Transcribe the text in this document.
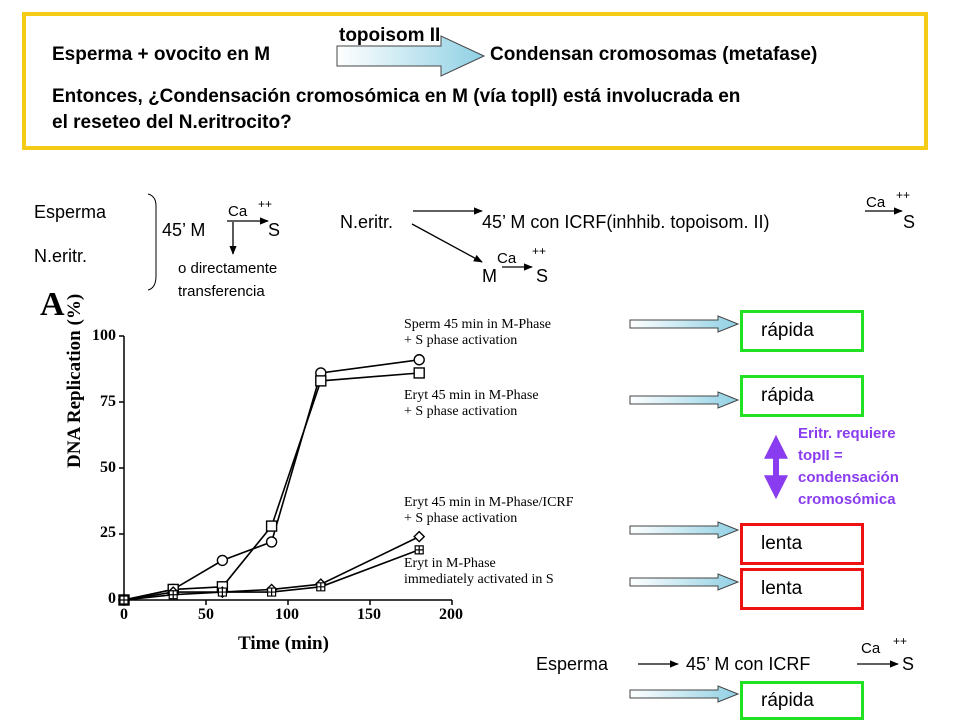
topoisom II
Esperma + ovocito en M	Condensan cromosomas (metafase)
Entonces, ¿Condensación cromosómica en M (vía topII) está involucrada en
el reseteo del N.eritrocito?
Esperma
N.eritr.
45’ M
Ca ++
S
o directamente
transferencia
N.eritr.	45’ M con ICRF(inhhib. topoisom. II)
Ca ++
S
M
Ca ++
S
A DNA Replication (%)
Time (min)
0
25
50
75
100
0	50	100	150	200
Sperm 45 min in M-Phase
+ S phase activation
Eryt 45 min in M-Phase
+ S phase activation
Eryt 45 min in M-Phase/ICRF
+ S phase activation
Eryt in M-Phase
immediately activated in S
rápida
rápida
lenta
lenta
rápida
Eritr. requiere
topII =
condensación
cromosómica
Esperma	45’ M con ICRF
Ca ++
S
